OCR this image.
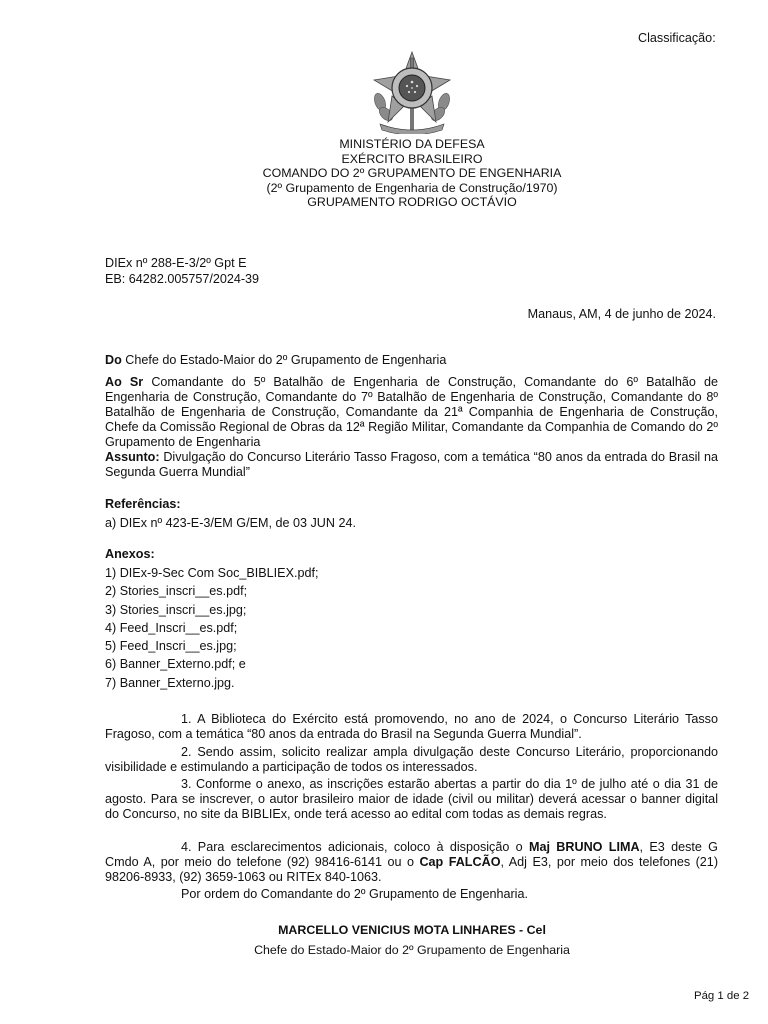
Classificação:
MINISTÉRIO DA DEFESA
EXÉRCITO BRASILEIRO
COMANDO DO 2º GRUPAMENTO DE ENGENHARIA
(2º Grupamento de Engenharia de Construção/1970)
GRUPAMENTO RODRIGO OCTÁVIO
DIEx nº 288-E-3/2º Gpt E
EB: 64282.005757/2024-39
Manaus, AM, 4 de junho de 2024.
Do Chefe do Estado-Maior do 2º Grupamento de Engenharia
Ao Sr Comandante do 5º Batalhão de Engenharia de Construção, Comandante do 6º Batalhão de Engenharia de Construção, Comandante do 7º Batalhão de Engenharia de Construção, Comandante do 8º Batalhão de Engenharia de Construção, Comandante da 21ª Companhia de Engenharia de Construção, Chefe da Comissão Regional de Obras da 12ª Região Militar, Comandante da Companhia de Comando do 2º Grupamento de Engenharia
Assunto: Divulgação do Concurso Literário Tasso Fragoso, com a temática “80 anos da entrada do Brasil na Segunda Guerra Mundial”
Referências:
a) DIEx nº 423-E-3/EM G/EM, de 03 JUN 24.
Anexos:
1) DIEx-9-Sec Com Soc_BIBLIEX.pdf;
2) Stories_inscri__es.pdf;
3) Stories_inscri__es.jpg;
4) Feed_Inscri__es.pdf;
5) Feed_Inscri__es.jpg;
6) Banner_Externo.pdf; e
7) Banner_Externo.jpg.
1. A Biblioteca do Exército está promovendo, no ano de 2024, o Concurso Literário Tasso Fragoso, com a temática “80 anos da entrada do Brasil na Segunda Guerra Mundial”.
2. Sendo assim, solicito realizar ampla divulgação deste Concurso Literário, proporcionando visibilidade e estimulando a participação de todos os interessados.
3. Conforme o anexo, as inscrições estarão abertas a partir do dia 1º de julho até o dia 31 de agosto. Para se inscrever, o autor brasileiro maior de idade (civil ou militar) deverá acessar o banner digital do Concurso, no site da BIBLIEx, onde terá acesso ao edital com todas as demais regras.
4. Para esclarecimentos adicionais, coloco à disposição o Maj BRUNO LIMA, E3 deste G Cmdo A, por meio do telefone (92) 98416-6141 ou o Cap FALCÃO, Adj E3, por meio dos telefones (21) 98206-8933, (92) 3659-1063 ou RITEx 840-1063.
Por ordem do Comandante do 2º Grupamento de Engenharia.
MARCELLO VENICIUS MOTA LINHARES - Cel
Chefe do Estado-Maior do 2º Grupamento de Engenharia
Pág 1 de 2
